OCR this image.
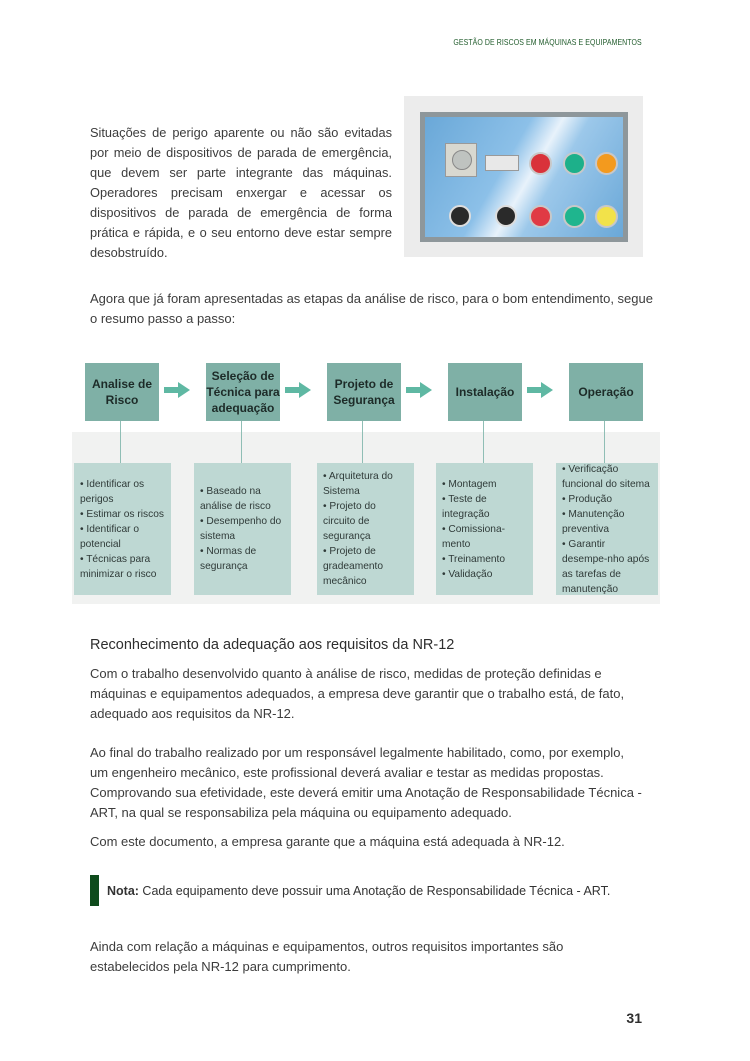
GESTÃO DE RISCOS EM MÁQUINAS E EQUIPAMENTOS

Situações de perigo aparente ou não são evitadas por meio de dispositivos de parada de emergência, que devem ser parte integrante das máquinas. Operadores precisam enxergar e acessar os dispositivos de parada de emergência de forma prática e rápida, e o seu entorno deve estar sempre desobstruído.

Agora que já foram apresentadas as etapas da análise de risco, para o bom entendimento, segue o resumo passo a passo:

Analise de Risco
Seleção de Técnica para adequação
Projeto de Segurança
Instalação	Operação
• Identificar os perigos
• Estimar os riscos
• Identificar o potencial
• Técnicas para minimizar o risco
• Baseado na análise de risco
• Desempenho do sistema
• Normas de segurança
• Arquitetura do Sistema
• Projeto do circuito de segurança
• Projeto de gradeamento mecânico
• Montagem
• Teste de integração
• Comissiona-mento
• Treinamento
• Validação
• Verificação funcional do sitema
• Produção
• Manutenção preventiva
• Garantir desempe-nho após as tarefas de manutenção
Reconhecimento da adequação aos requisitos da NR-12

Com o trabalho desenvolvido quanto à análise de risco, medidas de proteção definidas e máquinas e equipamentos adequados, a empresa deve garantir que o trabalho está, de fato, adequado aos requisitos da NR-12.

Ao final do trabalho realizado por um responsável legalmente habilitado, como, por exemplo, um engenheiro mecânico, este profissional deverá avaliar e testar as medidas propostas. Comprovando sua efetividade, este deverá emitir uma Anotação de Responsabilidade Técnica - ART, na qual se responsabiliza pela máquina ou equipamento adequado.

Com este documento, a empresa garante que a máquina está adequada à NR-12.

Nota: Cada equipamento deve possuir uma Anotação de Responsabilidade Técnica - ART.

Ainda com relação a máquinas e equipamentos, outros requisitos importantes são estabelecidos pela NR-12 para cumprimento.

31
